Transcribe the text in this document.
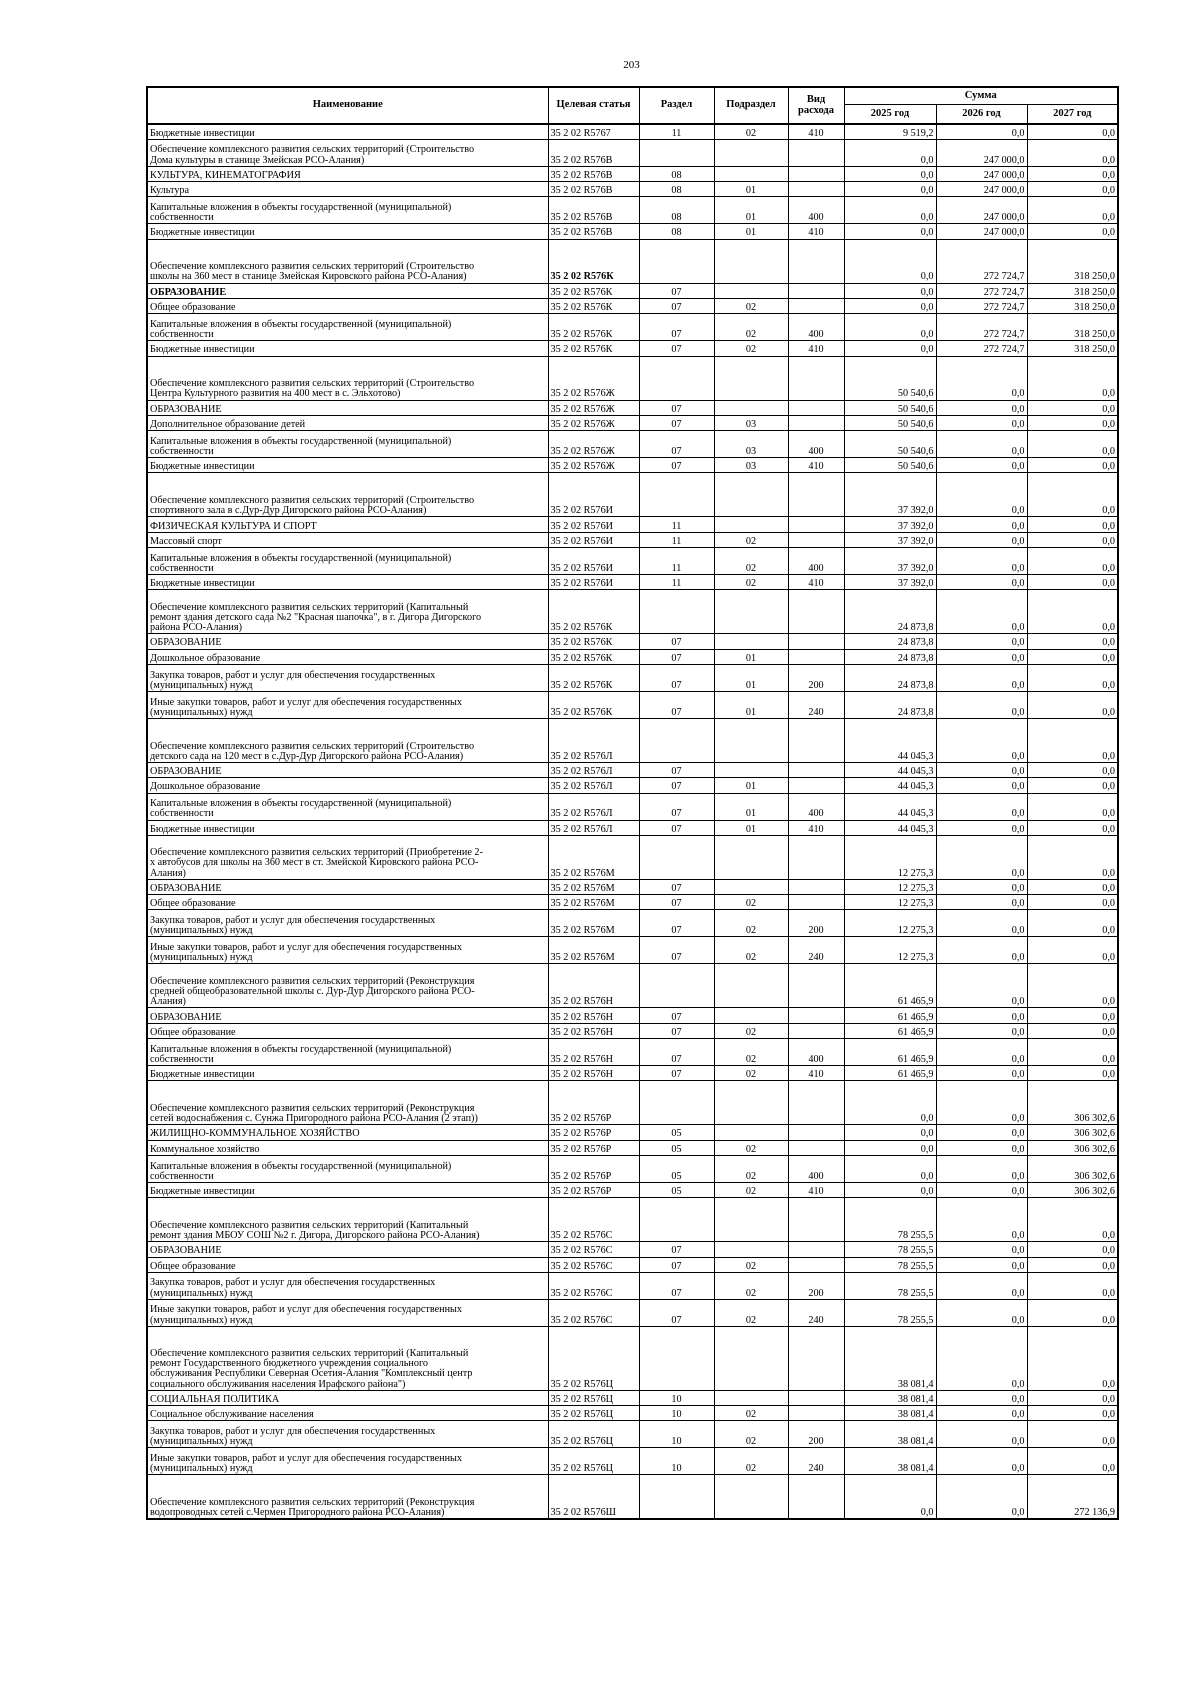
203
Наименование	Целевая статья	Раздел	Подраздел	Вид расхода	Сумма		
					2025 год	2026 год	2027 год
Бюджетные инвестиции	35 2 02 R5767	11	02	410	9 519,2	0,0	0,0
Обеспечение комплексного развития сельских территорий (Строительство
Дома культуры в станице Змейская РСО-Алания)	35 2 02 R576В				0,0	247 000,0	0,0
КУЛЬТУРА, КИНЕМАТОГРАФИЯ	35 2 02 R576В	08			0,0	247 000,0	0,0
Культура	35 2 02 R576В	08	01		0,0	247 000,0	0,0
Капитальные вложения в объекты государственной (муниципальной)
собственности	35 2 02 R576В	08	01	400	0,0	247 000,0	0,0
Бюджетные инвестиции	35 2 02 R576В	08	01	410	0,0	247 000,0	0,0
Обеспечение комплексного развития сельских территорий (Строительство
школы на 360 мест в станице Змейская Кировского района РСО-Алания)	35 2 02 R576К				0,0	272 724,7	318 250,0
ОБРАЗОВАНИЕ	35 2 02 R576К	07			0,0	272 724,7	318 250,0
Общее образование	35 2 02 R576К	07	02		0,0	272 724,7	318 250,0
Капитальные вложения в объекты государственной (муниципальной)
собственности	35 2 02 R576К	07	02	400	0,0	272 724,7	318 250,0
Бюджетные инвестиции	35 2 02 R576К	07	02	410	0,0	272 724,7	318 250,0
Обеспечение комплексного развития сельских территорий (Строительство
Центра Культурного развития на 400 мест в с. Эльхотово)	35 2 02 R576Ж				50 540,6	0,0	0,0
ОБРАЗОВАНИЕ	35 2 02 R576Ж	07			50 540,6	0,0	0,0
Дополнительное образование детей	35 2 02 R576Ж	07	03		50 540,6	0,0	0,0
Капитальные вложения в объекты государственной (муниципальной)
собственности	35 2 02 R576Ж	07	03	400	50 540,6	0,0	0,0
Бюджетные инвестиции	35 2 02 R576Ж	07	03	410	50 540,6	0,0	0,0
Обеспечение комплексного развития сельских территорий (Строительство
спортивного зала в с.Дур-Дур Дигорского района РСО-Алания)	35 2 02 R576И				37 392,0	0,0	0,0
ФИЗИЧЕСКАЯ КУЛЬТУРА И СПОРТ	35 2 02 R576И	11			37 392,0	0,0	0,0
Массовый спорт	35 2 02 R576И	11	02		37 392,0	0,0	0,0
Капитальные вложения в объекты государственной (муниципальной)
собственности	35 2 02 R576И	11	02	400	37 392,0	0,0	0,0
Бюджетные инвестиции	35 2 02 R576И	11	02	410	37 392,0	0,0	0,0
Обеспечение комплексного развития сельских территорий (Капитальный
ремонт здания детского сада №2 "Красная шапочка", в г. Дигора Дигорского
района РСО-Алания)	35 2 02 R576К				24 873,8	0,0	0,0
ОБРАЗОВАНИЕ	35 2 02 R576К	07			24 873,8	0,0	0,0
Дошкольное образование	35 2 02 R576К	07	01		24 873,8	0,0	0,0
Закупка товаров, работ и услуг для обеспечения государственных
(муниципальных) нужд	35 2 02 R576К	07	01	200	24 873,8	0,0	0,0
Иные закупки товаров, работ и услуг для обеспечения государственных
(муниципальных) нужд	35 2 02 R576К	07	01	240	24 873,8	0,0	0,0
Обеспечение комплексного развития сельских территорий (Строительство
детского сада на 120 мест в с.Дур-Дур Дигорского района РСО-Алания)	35 2 02 R576Л				44 045,3	0,0	0,0
ОБРАЗОВАНИЕ	35 2 02 R576Л	07			44 045,3	0,0	0,0
Дошкольное образование	35 2 02 R576Л	07	01		44 045,3	0,0	0,0
Капитальные вложения в объекты государственной (муниципальной)
собственности	35 2 02 R576Л	07	01	400	44 045,3	0,0	0,0
Бюджетные инвестиции	35 2 02 R576Л	07	01	410	44 045,3	0,0	0,0
Обеспечение комплексного развития сельских территорий (Приобретение 2-
х автобусов для школы на 360 мест в ст. Змейской Кировского района РСО-
Алания)	35 2 02 R576М				12 275,3	0,0	0,0
ОБРАЗОВАНИЕ	35 2 02 R576М	07			12 275,3	0,0	0,0
Общее образование	35 2 02 R576М	07	02		12 275,3	0,0	0,0
Закупка товаров, работ и услуг для обеспечения государственных
(муниципальных) нужд	35 2 02 R576М	07	02	200	12 275,3	0,0	0,0
Иные закупки товаров, работ и услуг для обеспечения государственных
(муниципальных) нужд	35 2 02 R576М	07	02	240	12 275,3	0,0	0,0
Обеспечение комплексного развития сельских территорий (Реконструкция
средней общеобразовательной школы с. Дур-Дур Дигорского района РСО-
Алания)	35 2 02 R576Н				61 465,9	0,0	0,0
ОБРАЗОВАНИЕ	35 2 02 R576Н	07			61 465,9	0,0	0,0
Общее образование	35 2 02 R576Н	07	02		61 465,9	0,0	0,0
Капитальные вложения в объекты государственной (муниципальной)
собственности	35 2 02 R576Н	07	02	400	61 465,9	0,0	0,0
Бюджетные инвестиции	35 2 02 R576Н	07	02	410	61 465,9	0,0	0,0
Обеспечение комплексного развития сельских территорий (Реконструкция
сетей водоснабжения с. Сунжа Пригородного района РСО-Алания (2 этап))	35 2 02 R576Р				0,0	0,0	306 302,6
ЖИЛИЩНО-КОММУНАЛЬНОЕ ХОЗЯЙСТВО	35 2 02 R576Р	05			0,0	0,0	306 302,6
Коммунальное хозяйство	35 2 02 R576Р	05	02		0,0	0,0	306 302,6
Капитальные вложения в объекты государственной (муниципальной)
собственности	35 2 02 R576Р	05	02	400	0,0	0,0	306 302,6
Бюджетные инвестиции	35 2 02 R576Р	05	02	410	0,0	0,0	306 302,6
Обеспечение комплексного развития сельских территорий (Капитальный
ремонт здания МБОУ СОШ №2 г. Дигора, Дигорского района РСО-Алания)	35 2 02 R576С				78 255,5	0,0	0,0
ОБРАЗОВАНИЕ	35 2 02 R576С	07			78 255,5	0,0	0,0
Общее образование	35 2 02 R576С	07	02		78 255,5	0,0	0,0
Закупка товаров, работ и услуг для обеспечения государственных
(муниципальных) нужд	35 2 02 R576С	07	02	200	78 255,5	0,0	0,0
Иные закупки товаров, работ и услуг для обеспечения государственных
(муниципальных) нужд	35 2 02 R576С	07	02	240	78 255,5	0,0	0,0
Обеспечение комплексного развития сельских территорий (Капитальный
ремонт Государственного бюджетного учреждения социального
обслуживания Республики Северная Осетия-Алания "Комплексный центр
социального обслуживания населения Ирафского района")	35 2 02 R576Ц				38 081,4	0,0	0,0
СОЦИАЛЬНАЯ ПОЛИТИКА	35 2 02 R576Ц	10			38 081,4	0,0	0,0
Социальное обслуживание населения	35 2 02 R576Ц	10	02		38 081,4	0,0	0,0
Закупка товаров, работ и услуг для обеспечения государственных
(муниципальных) нужд	35 2 02 R576Ц	10	02	200	38 081,4	0,0	0,0
Иные закупки товаров, работ и услуг для обеспечения государственных
(муниципальных) нужд	35 2 02 R576Ц	10	02	240	38 081,4	0,0	0,0
Обеспечение комплексного развития сельских территорий (Реконструкция
водопроводных сетей с.Чермен Пригородного района РСО-Алания)	35 2 02 R576Ш				0,0	0,0	272 136,9
